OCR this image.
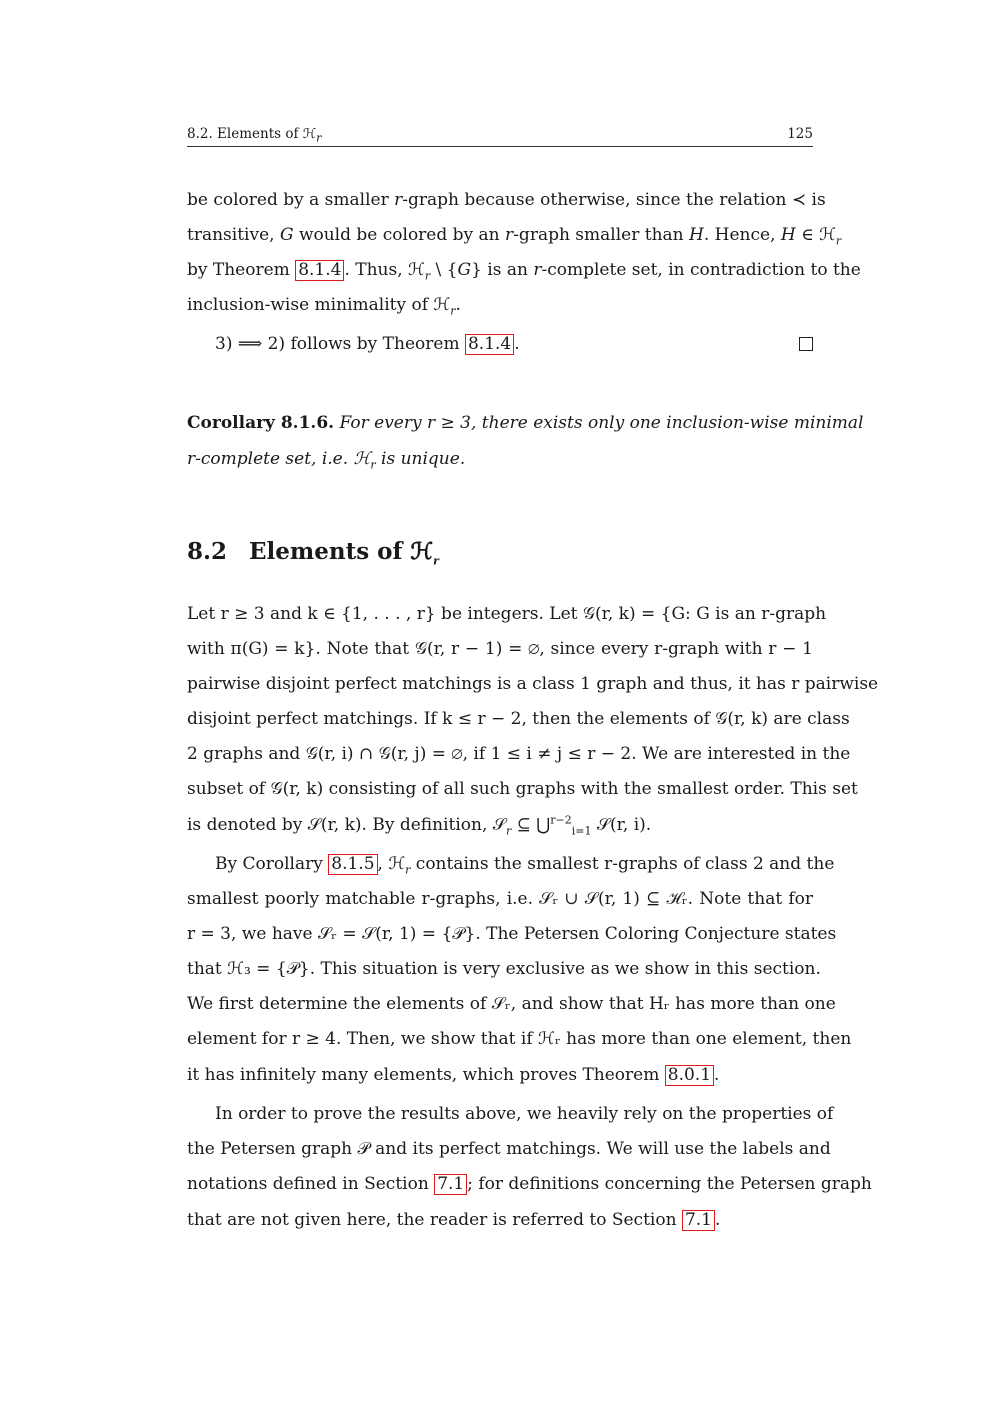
8.2. Elements of ℋ$_r$	125
be colored by a smaller r-graph because otherwise, since the relation ≺ is
transitive, G would be colored by an r-graph smaller than H. Hence, H ∈ ℋ$_r$
by Theorem 8.1.4 . Thus, ℋ$_r$ \ {G} is an r-complete set, in contradiction to the
inclusion-wise minimality of ℋ$_r$.
3) ⟹ 2) follows by Theorem 8.1.4 .
Corollary 8.1.6. For every r ≥ 3, there exists only one inclusion-wise minimal
r-complete set, i.e. ℋ$_r$ is unique.
8.2 Elements of ℋ$_r$
Let r ≥ 3 and k ∈ {1, . . . , r} be integers. Let 𝒢(r, k) = {G: G is an r-graph
with π(G) = k}. Note that 𝒢(r, r − 1) = ∅, since every r-graph with r − 1
pairwise disjoint perfect matchings is a class 1 graph and thus, it has r pairwise
disjoint perfect matchings. If k ≤ r − 2, then the elements of 𝒢(r, k) are class
2 graphs and 𝒢(r, i) ∩ 𝒢(r, j) = ∅, if 1 ≤ i ≠ j ≤ r − 2. We are interested in the
subset of 𝒢(r, k) consisting of all such graphs with the smallest order. This set
is denoted by 𝒮(r, k). By definition, 𝒮$_r$ ⊆ ⋃$^{r-2}_{i=1}$ 𝒮(r, i).
By Corollary 8.1.5 , ℋ$_r$ contains the smallest r-graphs of class 2 and the
smallest poorly matchable r-graphs, i.e. 𝒮ᵣ ∪ 𝒮(r, 1) ⊆ ℋᵣ. Note that for
r = 3, we have 𝒮ᵣ = 𝒮(r, 1) = {𝒫}. The Petersen Coloring Conjecture states
that ℋ₃ = {𝒫}. This situation is very exclusive as we show in this section.
We first determine the elements of 𝒮ᵣ, and show that Hᵣ has more than one
element for r ≥ 4. Then, we show that if ℋᵣ has more than one element, then
it has infinitely many elements, which proves Theorem 8.0.1 .
In order to prove the results above, we heavily rely on the properties of
the Petersen graph 𝒫 and its perfect matchings. We will use the labels and
notations defined in Section 7.1 ; for definitions concerning the Petersen graph
that are not given here, the reader is referred to Section 7.1 .
